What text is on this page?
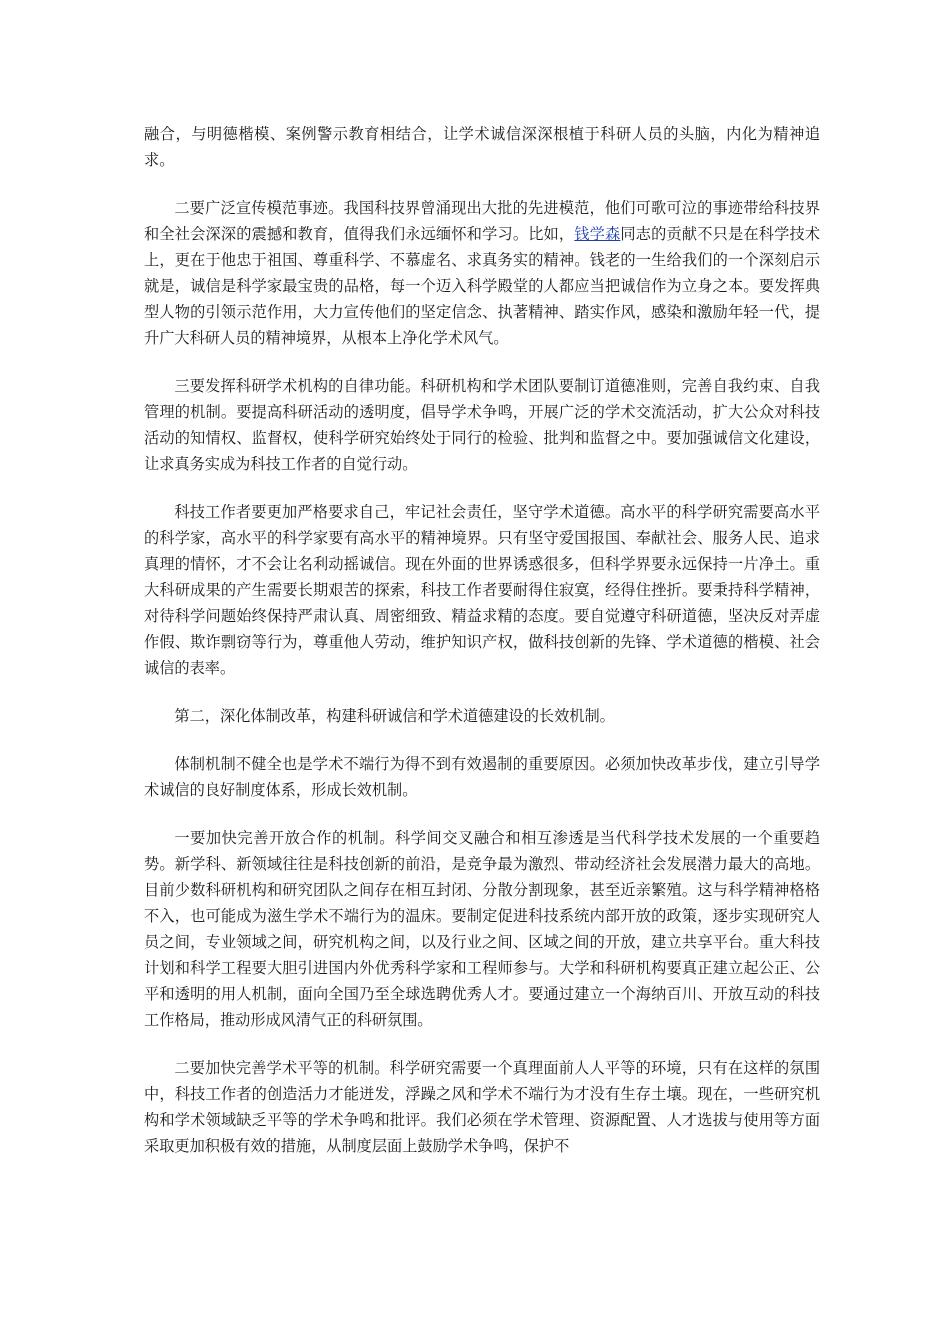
融合，与明德楷模、案例警示教育相结合，让学术诚信深深根植于科研人员的头脑，内化为精神追求。

二要广泛宣传模范事迹。我国科技界曾涌现出大批的先进模范，他们可歌可泣的事迹带给科技界和全社会深深的震撼和教育，值得我们永远缅怀和学习。比如，钱学森同志的贡献不只是在科学技术上，更在于他忠于祖国、尊重科学、不慕虚名、求真务实的精神。钱老的一生给我们的一个深刻启示就是，诚信是科学家最宝贵的品格，每一个迈入科学殿堂的人都应当把诚信作为立身之本。要发挥典型人物的引领示范作用，大力宣传他们的坚定信念、执著精神、踏实作风，感染和激励年轻一代，提升广大科研人员的精神境界，从根本上净化学术风气。

三要发挥科研学术机构的自律功能。科研机构和学术团队要制订道德准则，完善自我约束、自我管理的机制。要提高科研活动的透明度，倡导学术争鸣，开展广泛的学术交流活动，扩大公众对科技活动的知情权、监督权，使科学研究始终处于同行的检验、批判和监督之中。要加强诚信文化建设，让求真务实成为科技工作者的自觉行动。

科技工作者要更加严格要求自己，牢记社会责任，坚守学术道德。高水平的科学研究需要高水平的科学家，高水平的科学家要有高水平的精神境界。只有坚守爱国报国、奉献社会、服务人民、追求真理的情怀，才不会让名利动摇诚信。现在外面的世界诱惑很多，但科学界要永远保持一片净土。重大科研成果的产生需要长期艰苦的探索，科技工作者要耐得住寂寞，经得住挫折。要秉持科学精神，对待科学问题始终保持严肃认真、周密细致、精益求精的态度。要自觉遵守科研道德，坚决反对弄虚作假、欺诈剽窃等行为，尊重他人劳动，维护知识产权，做科技创新的先锋、学术道德的楷模、社会诚信的表率。

第二，深化体制改革，构建科研诚信和学术道德建设的长效机制。

体制机制不健全也是学术不端行为得不到有效遏制的重要原因。必须加快改革步伐，建立引导学术诚信的良好制度体系，形成长效机制。

一要加快完善开放合作的机制。科学间交叉融合和相互渗透是当代科学技术发展的一个重要趋势。新学科、新领域往往是科技创新的前沿，是竞争最为激烈、带动经济社会发展潜力最大的高地。目前少数科研机构和研究团队之间存在相互封闭、分散分割现象，甚至近亲繁殖。这与科学精神格格不入，也可能成为滋生学术不端行为的温床。要制定促进科技系统内部开放的政策，逐步实现研究人员之间，专业领域之间，研究机构之间，以及行业之间、区域之间的开放，建立共享平台。重大科技计划和科学工程要大胆引进国内外优秀科学家和工程师参与。大学和科研机构要真正建立起公正、公平和透明的用人机制，面向全国乃至全球选聘优秀人才。要通过建立一个海纳百川、开放互动的科技工作格局，推动形成风清气正的科研氛围。

二要加快完善学术平等的机制。科学研究需要一个真理面前人人平等的环境，只有在这样的氛围中，科技工作者的创造活力才能迸发，浮躁之风和学术不端行为才没有生存土壤。现在，一些研究机构和学术领域缺乏平等的学术争鸣和批评。我们必须在学术管理、资源配置、人才选拔与使用等方面采取更加积极有效的措施，从制度层面上鼓励学术争鸣，保护不
